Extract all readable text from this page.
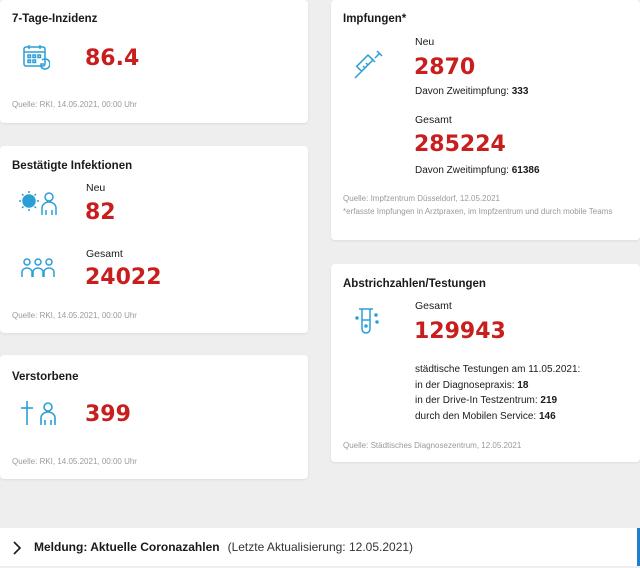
7-Tage-Inzidenz
86.4
Quelle: RKI, 14.05.2021, 00:00 Uhr
Bestätigte Infektionen
Neu
82
Gesamt
24022
Quelle: RKI, 14.05.2021, 00:00 Uhr
Verstorbene
399
Quelle: RKI, 14.05.2021, 00:00 Uhr
Impfungen*
Neu
2870
Davon Zweitimpfung: 333
Gesamt
285224
Davon Zweitimpfung: 61386
Quelle: Impfzentrum Düsseldorf, 12.05.2021
*erfasste Impfungen in Arztpraxen, im Impfzentrum und durch mobile Teams
Abstrichzahlen/Testungen
Gesamt
129943
städtische Testungen am 11.05.2021:
in der Diagnosepraxis: 18
in der Drive-In Testzentrum: 219
durch den Mobilen Service: 146
Quelle: Städtisches Diagnosezentrum, 12.05.2021
Meldung: Aktuelle Coronazahlen (Letzte Aktualisierung: 12.05.2021)
